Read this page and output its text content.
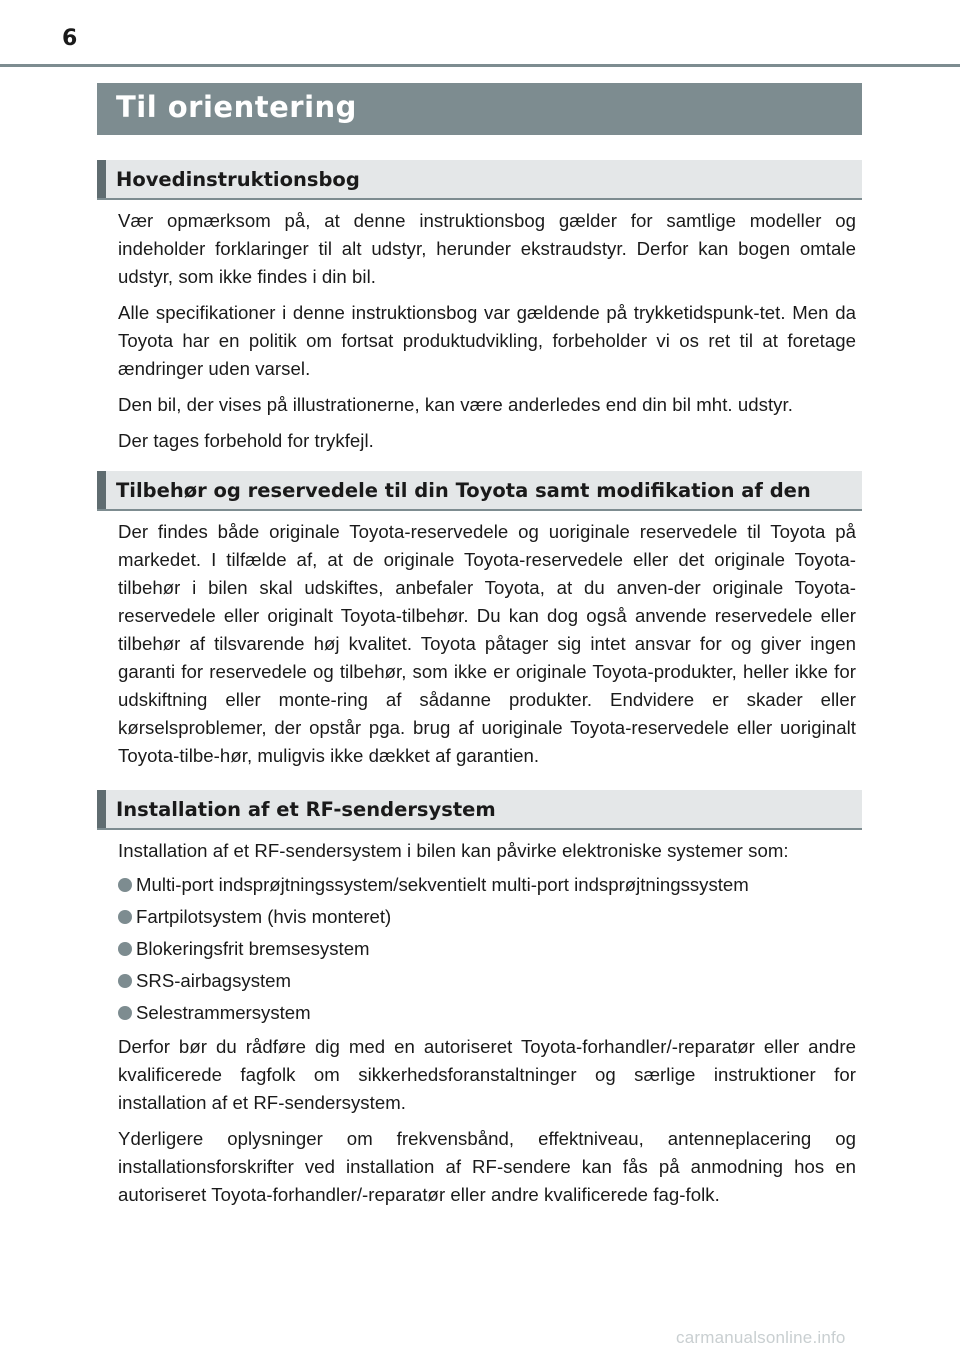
6
Til orientering
Hovedinstruktionsbog

Vær opmærksom på, at denne instruktionsbog gælder for samtlige modeller og indeholder forklaringer til alt udstyr, herunder ekstraudstyr. Derfor kan bogen omtale udstyr, som ikke findes i din bil.

Alle specifikationer i denne instruktionsbog var gældende på trykketidspunk-tet. Men da Toyota har en politik om fortsat produktudvikling, forbeholder vi os ret til at foretage ændringer uden varsel.

Den bil, der vises på illustrationerne, kan være anderledes end din bil mht. udstyr.

Der tages forbehold for trykfejl.

Tilbehør og reservedele til din Toyota samt modifikation af den

Der findes både originale Toyota-reservedele og uoriginale reservedele til Toyota på markedet. I tilfælde af, at de originale Toyota-reservedele eller det originale Toyota-tilbehør i bilen skal udskiftes, anbefaler Toyota, at du anven-der originale Toyota-reservedele eller originalt Toyota-tilbehør. Du kan dog også anvende reservedele eller tilbehør af tilsvarende høj kvalitet. Toyota påtager sig intet ansvar for og giver ingen garanti for reservedele og tilbehør, som ikke er originale Toyota-produkter, heller ikke for udskiftning eller monte-ring af sådanne produkter. Endvidere er skader eller kørselsproblemer, der opstår pga. brug af uoriginale Toyota-reservedele eller uoriginalt Toyota-tilbe-hør, muligvis ikke dækket af garantien.

Installation af et RF-sendersystem

Installation af et RF-sendersystem i bilen kan påvirke elektroniske systemer som:

Multi-port indsprøjtningssystem/sekventielt multi-port indsprøjtningssystem
Fartpilotsystem (hvis monteret)
Blokeringsfrit bremsesystem
SRS-airbagsystem
Selestrammersystem

Derfor bør du rådføre dig med en autoriseret Toyota-forhandler/-reparatør eller andre kvalificerede fagfolk om sikkerhedsforanstaltninger og særlige instruktioner for installation af et RF-sendersystem.

Yderligere oplysninger om frekvensbånd, effektniveau, antenneplacering og installationsforskrifter ved installation af RF-sendere kan fås på anmodning hos en autoriseret Toyota-forhandler/-reparatør eller andre kvalificerede fag-folk.

carmanualsonline.info
